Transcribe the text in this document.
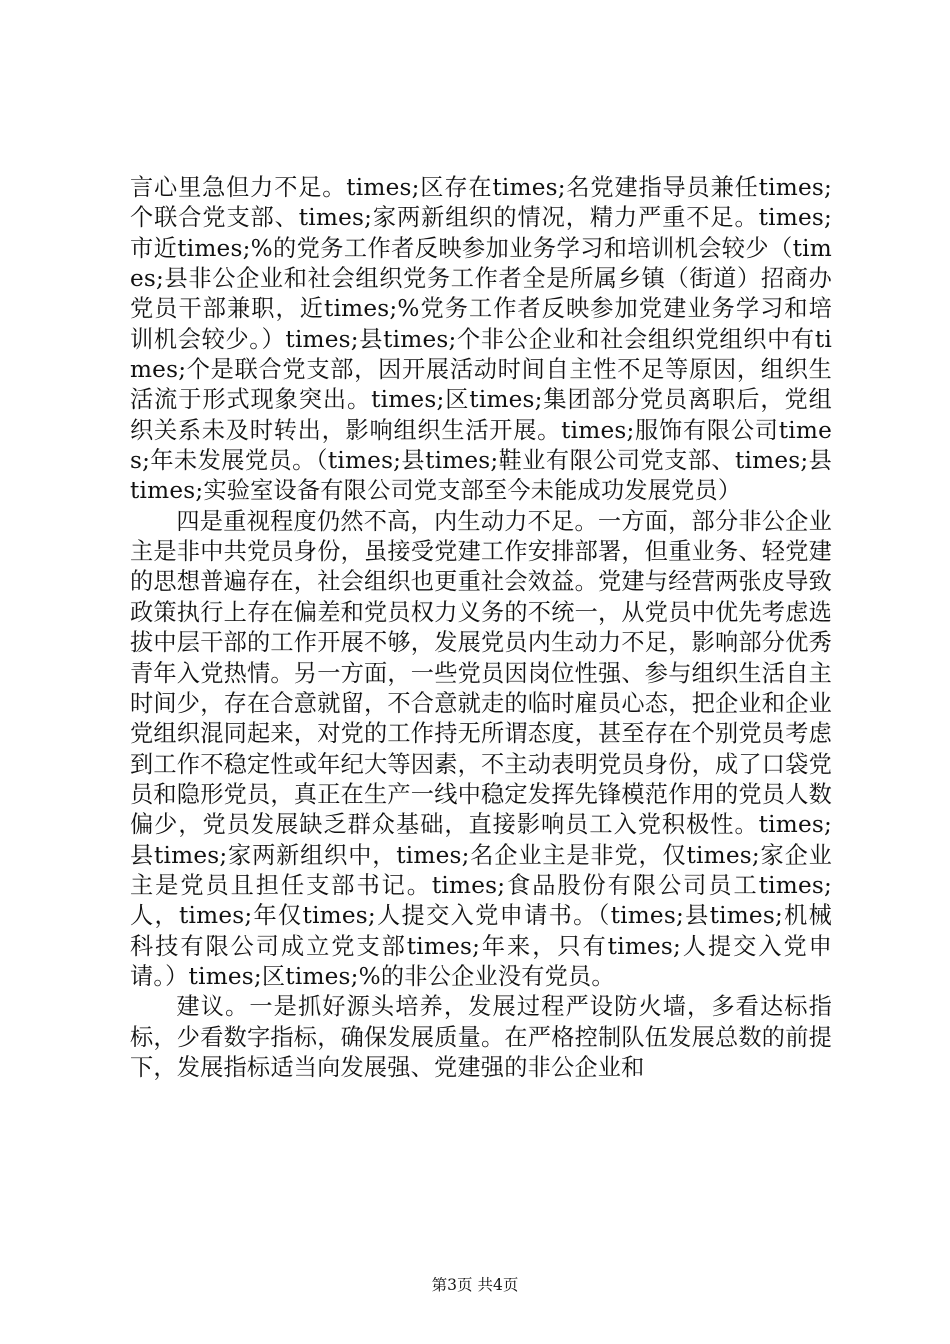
言心里急但力不足。times;区存在times;名党建指导员兼任times;个联合党支部、times;家两新组织的情况，精力严重不足。times;市近times;%的党务工作者反映参加业务学习和培训机会较少（times;县非公企业和社会组织党务工作者全是所属乡镇（街道）招商办党员干部兼职，近times;%党务工作者反映参加党建业务学习和培训机会较少。）times;县times;个非公企业和社会组织党组织中有times;个是联合党支部，因开展活动时间自主性不足等原因，组织生活流于形式现象突出。times;区times;集团部分党员离职后，党组织关系未及时转出，影响组织生活开展。times;服饰有限公司times;年未发展党员。（times;县times;鞋业有限公司党支部、times;县times;实验室设备有限公司党支部至今未能成功发展党员）

四是重视程度仍然不高，内生动力不足。一方面，部分非公企业主是非中共党员身份，虽接受党建工作安排部署，但重业务、轻党建的思想普遍存在，社会组织也更重社会效益。党建与经营两张皮导致政策执行上存在偏差和党员权力义务的不统一，从党员中优先考虑选拔中层干部的工作开展不够，发展党员内生动力不足，影响部分优秀青年入党热情。另一方面，一些党员因岗位性强、参与组织生活自主时间少，存在合意就留，不合意就走的临时雇员心态，把企业和企业党组织混同起来，对党的工作持无所谓态度，甚至存在个别党员考虑到工作不稳定性或年纪大等因素，不主动表明党员身份，成了口袋党员和隐形党员，真正在生产一线中稳定发挥先锋模范作用的党员人数偏少，党员发展缺乏群众基础，直接影响员工入党积极性。times;县times;家两新组织中，times;名企业主是非党，仅times;家企业主是党员且担任支部书记。times;食品股份有限公司员工times;人，times;年仅times;人提交入党申请书。（times;县times;机械科技有限公司成立党支部times;年来，只有times;人提交入党申请。）times;区times;%的非公企业没有党员。

建议。一是抓好源头培养，发展过程严设防火墙，多看达标指标，少看数字指标，确保发展质量。在严格控制队伍发展总数的前提下，发展指标适当向发展强、党建强的非公企业和

第3页 共4页
